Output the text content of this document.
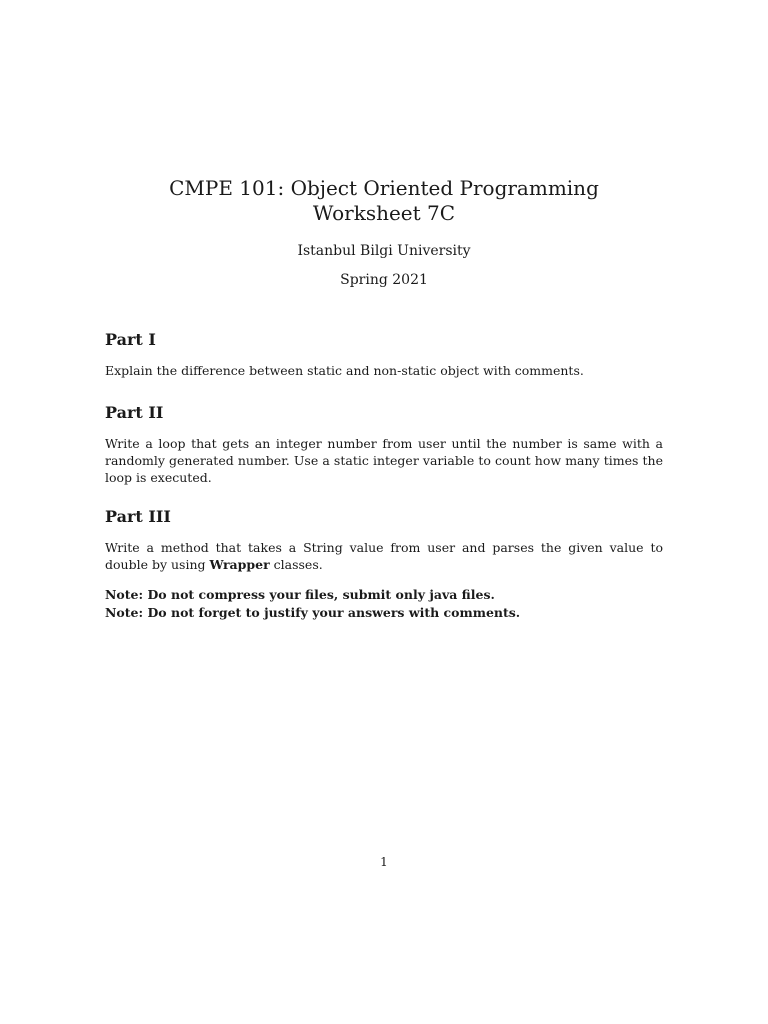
CMPE 101: Object Oriented Programming
Worksheet 7C
Istanbul Bilgi University
Spring 2021
Part I

Explain the difference between static and non-static object with comments.

Part II

Write a loop that gets an integer number from user until the number is same with a randomly generated number. Use a static integer variable to count how many times the loop is executed.

Part III

Write a method that takes a String value from user and parses the given value to double by using Wrapper classes.

Note: Do not compress your files, submit only java files.

Note: Do not forget to justify your answers with comments.

1
